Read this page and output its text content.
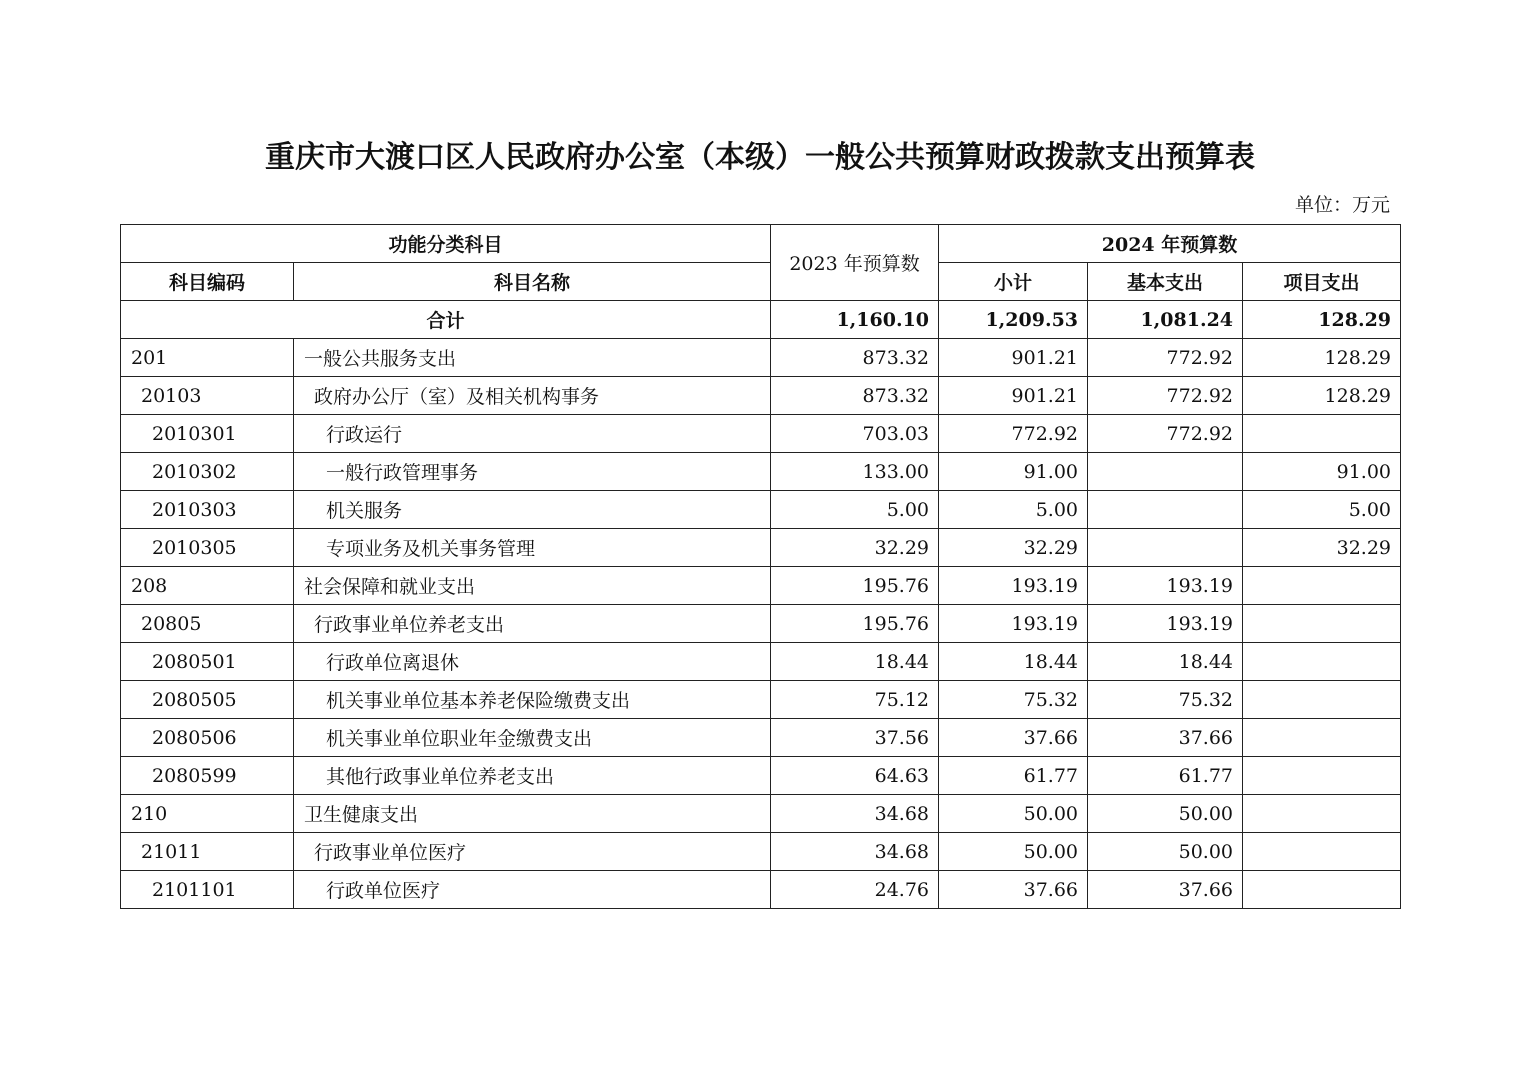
重庆市大渡口区人民政府办公室（本级）一般公共预算财政拨款支出预算表
单位：万元
功能分类科目		2023 年预算数	2024 年预算数		
科目编码	科目名称		小计	基本支出	项目支出
合计		1,160.10	1,209.53	1,081.24	128.29
201	一般公共服务支出	873.32	901.21	772.92	128.29
20103	政府办公厅（室）及相关机构事务	873.32	901.21	772.92	128.29
2010301	行政运行	703.03	772.92	772.92	
2010302	一般行政管理事务	133.00	91.00		91.00
2010303	机关服务	5.00	5.00		5.00
2010305	专项业务及机关事务管理	32.29	32.29		32.29
208	社会保障和就业支出	195.76	193.19	193.19	
20805	行政事业单位养老支出	195.76	193.19	193.19	
2080501	行政单位离退休	18.44	18.44	18.44	
2080505	机关事业单位基本养老保险缴费支出	75.12	75.32	75.32	
2080506	机关事业单位职业年金缴费支出	37.56	37.66	37.66	
2080599	其他行政事业单位养老支出	64.63	61.77	61.77	
210	卫生健康支出	34.68	50.00	50.00	
21011	行政事业单位医疗	34.68	50.00	50.00	
2101101	行政单位医疗	24.76	37.66	37.66	
